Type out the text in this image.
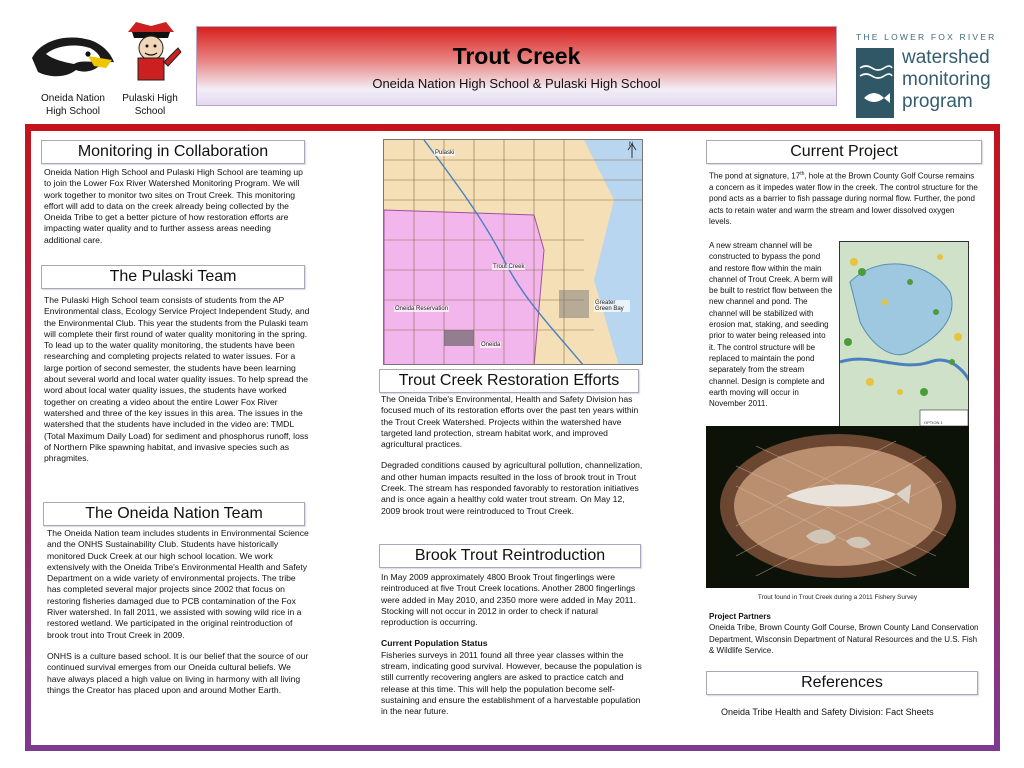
Oneida Nation High School
Pulaski High School
Trout Creek
Oneida Nation High School & Pulaski High School
THE LOWER FOX RIVER
watershed
monitoring
program
Monitoring in Collaboration

Oneida Nation High School and Pulaski High School are teaming up to join the Lower Fox River Watershed Monitoring Program. We will work together to monitor two sites on Trout Creek. This monitoring effort will add to data on the creek already being collected by the Oneida Tribe to get a better picture of how restoration efforts are impacting water quality and to further assess areas needing additional care.

The Pulaski Team

The Pulaski High School team consists of students from the AP Environmental class, Ecology Service Project Independent Study, and the Environmental Club. This year the students from the Pulaski team will complete their first round of water quality monitoring in the spring. To lead up to the water quality monitoring, the students have been researching and completing projects related to water issues. For a large portion of second semester, the students have been learning about several world and local water quality issues. To help spread the word about local water quality issues, the students have worked together on creating a video about the entire Lower Fox River watershed and three of the key issues in this area. The issues in the watershed that the students have included in the video are: TMDL (Total Maximum Daily Load) for sediment and phosphorus runoff, loss of Northern Pike spawning habitat, and invasive species such as phragmites.

The Oneida Nation Team

The Oneida Nation team includes students in Environmental Science and the ONHS Sustainability Club. Students have historically monitored Duck Creek at our high school location. We work extensively with the Oneida Tribe's Environmental Health and Safety Department on a wide variety of environmental projects. The tribe has completed several major projects since 2002 that focus on restoring fisheries damaged due to PCB contamination of the Fox River watershed. In fall 2011, we assisted with sowing wild rice in a restored wetland. We participated in the original reintroduction of brook trout into Trout Creek in 2009.

ONHS is a culture based school. It is our belief that the source of our continued survival emerges from our Oneida cultural beliefs. We have always placed a high value on living in harmony with all living things the Creator has placed upon and around Mother Earth.

Pulaski
Trout Creek
Oneida Reservation
Greater Green Bay
Oneida
N
Trout Creek Restoration Efforts

The Oneida Tribe's Environmental, Health and Safety Division has focused much of its restoration efforts over the past ten years within the Trout Creek Watershed. Projects within the watershed have targeted land protection, stream habitat work, and improved agricultural practices.

Degraded conditions caused by agricultural pollution, channelization, and other human impacts resulted in the loss of brook trout in Trout Creek. The stream has responded favorably to restoration initiatives and is once again a healthy cold water trout stream. On May 12, 2009 brook trout were reintroduced to Trout Creek.

Brook Trout Reintroduction

In May 2009 approximately 4800 Brook Trout fingerlings were reintroduced at five Trout Creek locations. Another 2800 fingerlings were added in May 2010, and 2350 more were added in May 2011. Stocking will not occur in 2012 in order to check if natural reproduction is occurring.

Current Population Status
Fisheries surveys in 2011 found all three year classes within the stream, indicating good survival. However, because the population is still currently recovering anglers are asked to practice catch and release at this time. This will help the population become self-sustaining and ensure the establishment of a harvestable population in the near future.
Current Project
The pond at signature, 17th, hole at the Brown County Golf Course remains a concern as it impedes water flow in the creek. The control structure for the pond acts as a barrier to fish passage during normal flow. Further, the pond acts to retain water and warm the stream and lower dissolved oxygen levels.

A new stream channel will be constructed to bypass the pond and restore flow within the main channel of Trout Creek. A berm will be built to restrict flow between the new channel and pond. The channel will be stabilized with erosion mat, staking, and seeding prior to water being released into it. The control structure will be replaced to maintain the pond separately from the stream channel. Design is complete and earth moving will occur in November 2011.

OPTION 1
Trout found in Trout Creek during a 2011 Fishery Survey
Project Partners
Oneida Tribe, Brown County Golf Course, Brown County Land Conservation Department, Wisconsin Department of Natural Resources and the U.S. Fish & Wildlife Service.
References

Oneida Tribe Health and Safety Division: Fact Sheets
